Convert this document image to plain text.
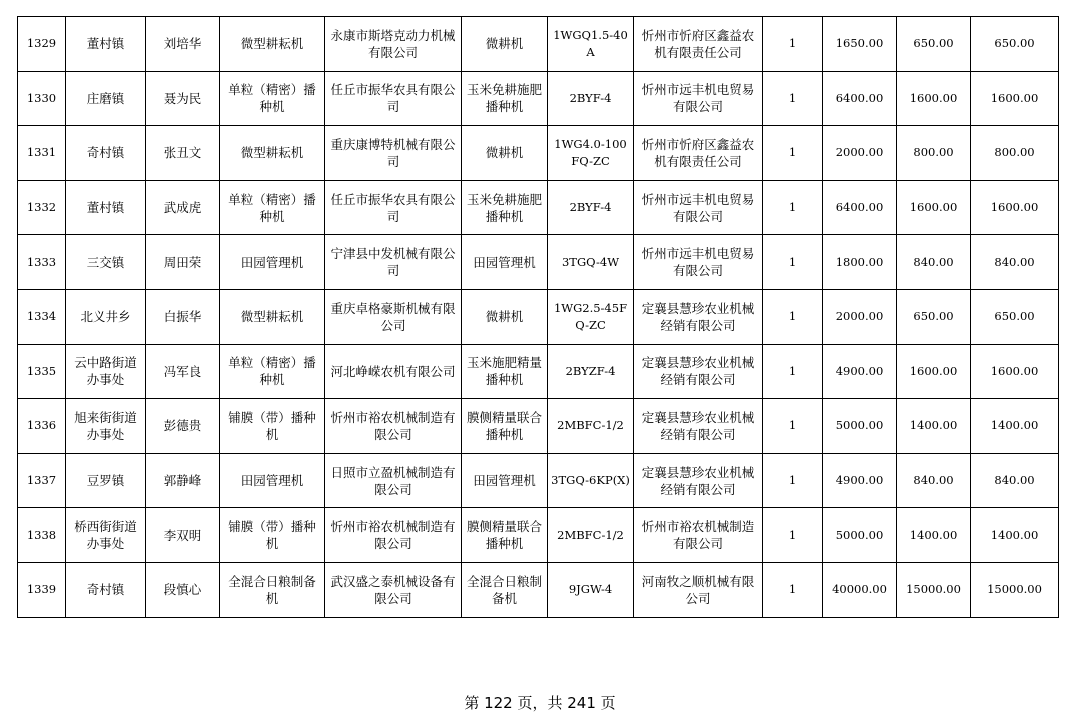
1329	董村镇	刘培华	微型耕耘机	永康市斯塔克动力机械有限公司	微耕机	1WGQ1.5-40A	忻州市忻府区鑫益农机有限责任公司	1	1650.00	650.00	650.00
1330	庄磨镇	聂为民	单粒（精密）播种机	任丘市振华农具有限公司	玉米免耕施肥播种机	2BYF-4	忻州市远丰机电贸易有限公司	1	6400.00	1600.00	1600.00
1331	奇村镇	张丑文	微型耕耘机	重庆康博特机械有限公司	微耕机	1WG4.0-100FQ-ZC	忻州市忻府区鑫益农机有限责任公司	1	2000.00	800.00	800.00
1332	董村镇	武成虎	单粒（精密）播种机	任丘市振华农具有限公司	玉米免耕施肥播种机	2BYF-4	忻州市远丰机电贸易有限公司	1	6400.00	1600.00	1600.00
1333	三交镇	周田荣	田园管理机	宁津县中发机械有限公司	田园管理机	3TGQ-4W	忻州市远丰机电贸易有限公司	1	1800.00	840.00	840.00
1334	北义井乡	白振华	微型耕耘机	重庆卓格豪斯机械有限公司	微耕机	1WG2.5-45FQ-ZC	定襄县慧珍农业机械经销有限公司	1	2000.00	650.00	650.00
1335	云中路街道办事处	冯军良	单粒（精密）播种机	河北峥嵘农机有限公司	玉米施肥精量播种机	2BYZF-4	定襄县慧珍农业机械经销有限公司	1	4900.00	1600.00	1600.00
1336	旭来街街道办事处	彭德贵	铺膜（带）播种机	忻州市裕农机械制造有限公司	膜侧精量联合播种机	2MBFC-1/2	定襄县慧珍农业机械经销有限公司	1	5000.00	1400.00	1400.00
1337	豆罗镇	郭静峰	田园管理机	日照市立盈机械制造有限公司	田园管理机	3TGQ-6KP(X)	定襄县慧珍农业机械经销有限公司	1	4900.00	840.00	840.00
1338	桥西街街道办事处	李双明	铺膜（带）播种机	忻州市裕农机械制造有限公司	膜侧精量联合播种机	2MBFC-1/2	忻州市裕农机械制造有限公司	1	5000.00	1400.00	1400.00
1339	奇村镇	段慎心	全混合日粮制备机	武汉盛之泰机械设备有限公司	全混合日粮制备机	9JGW-4	河南牧之顺机械有限公司	1	40000.00	15000.00	15000.00
第 122 页，共 241 页
